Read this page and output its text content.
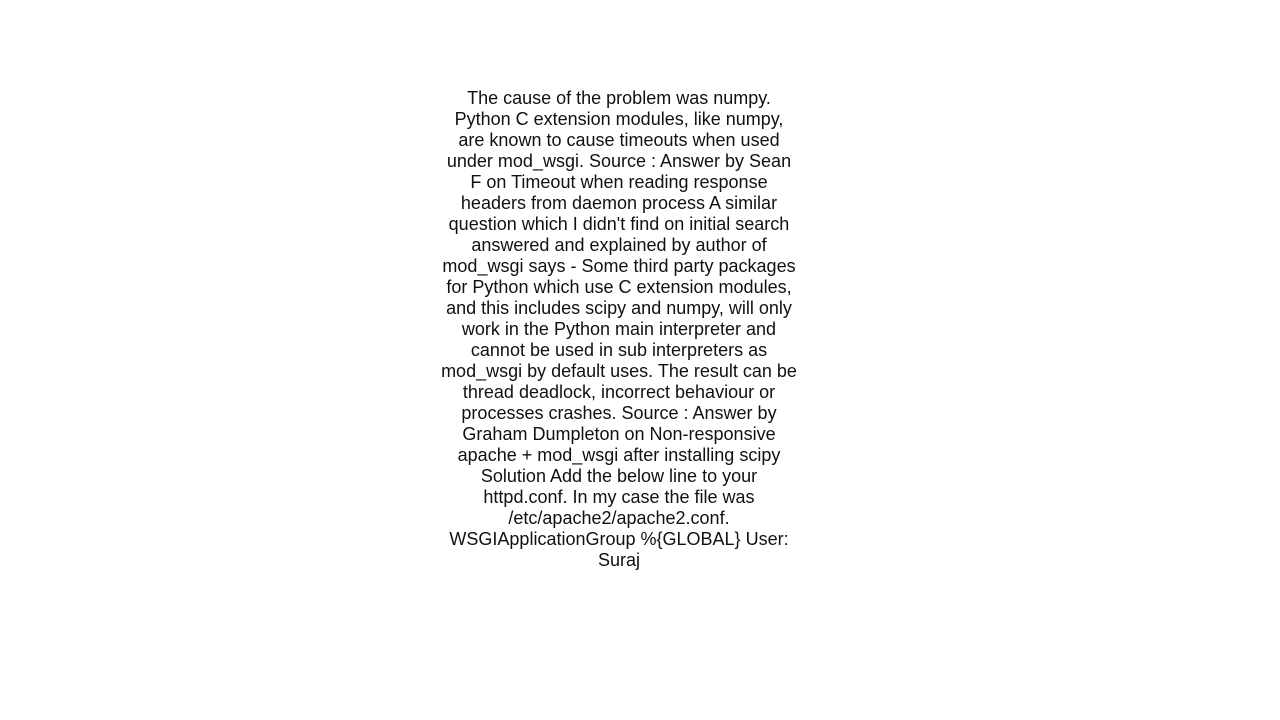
The cause of the problem was numpy. Python C extension modules, like numpy, are known to cause timeouts when used under mod_wsgi. Source : Answer by Sean F on Timeout when reading response headers from daemon process A similar question which I didn't find on initial search answered and explained by author of mod_wsgi says - Some third party packages for Python which use C extension modules, and this includes scipy and numpy, will only work in the Python main interpreter and cannot be used in sub interpreters as mod_wsgi by default uses. The result can be thread deadlock, incorrect behaviour or processes crashes. Source : Answer by Graham Dumpleton on Non-responsive apache + mod_wsgi after installing scipy Solution Add the below line to your httpd.conf. In my case the file was /etc/apache2/apache2.conf. WSGIApplicationGroup %{GLOBAL} User: Suraj
